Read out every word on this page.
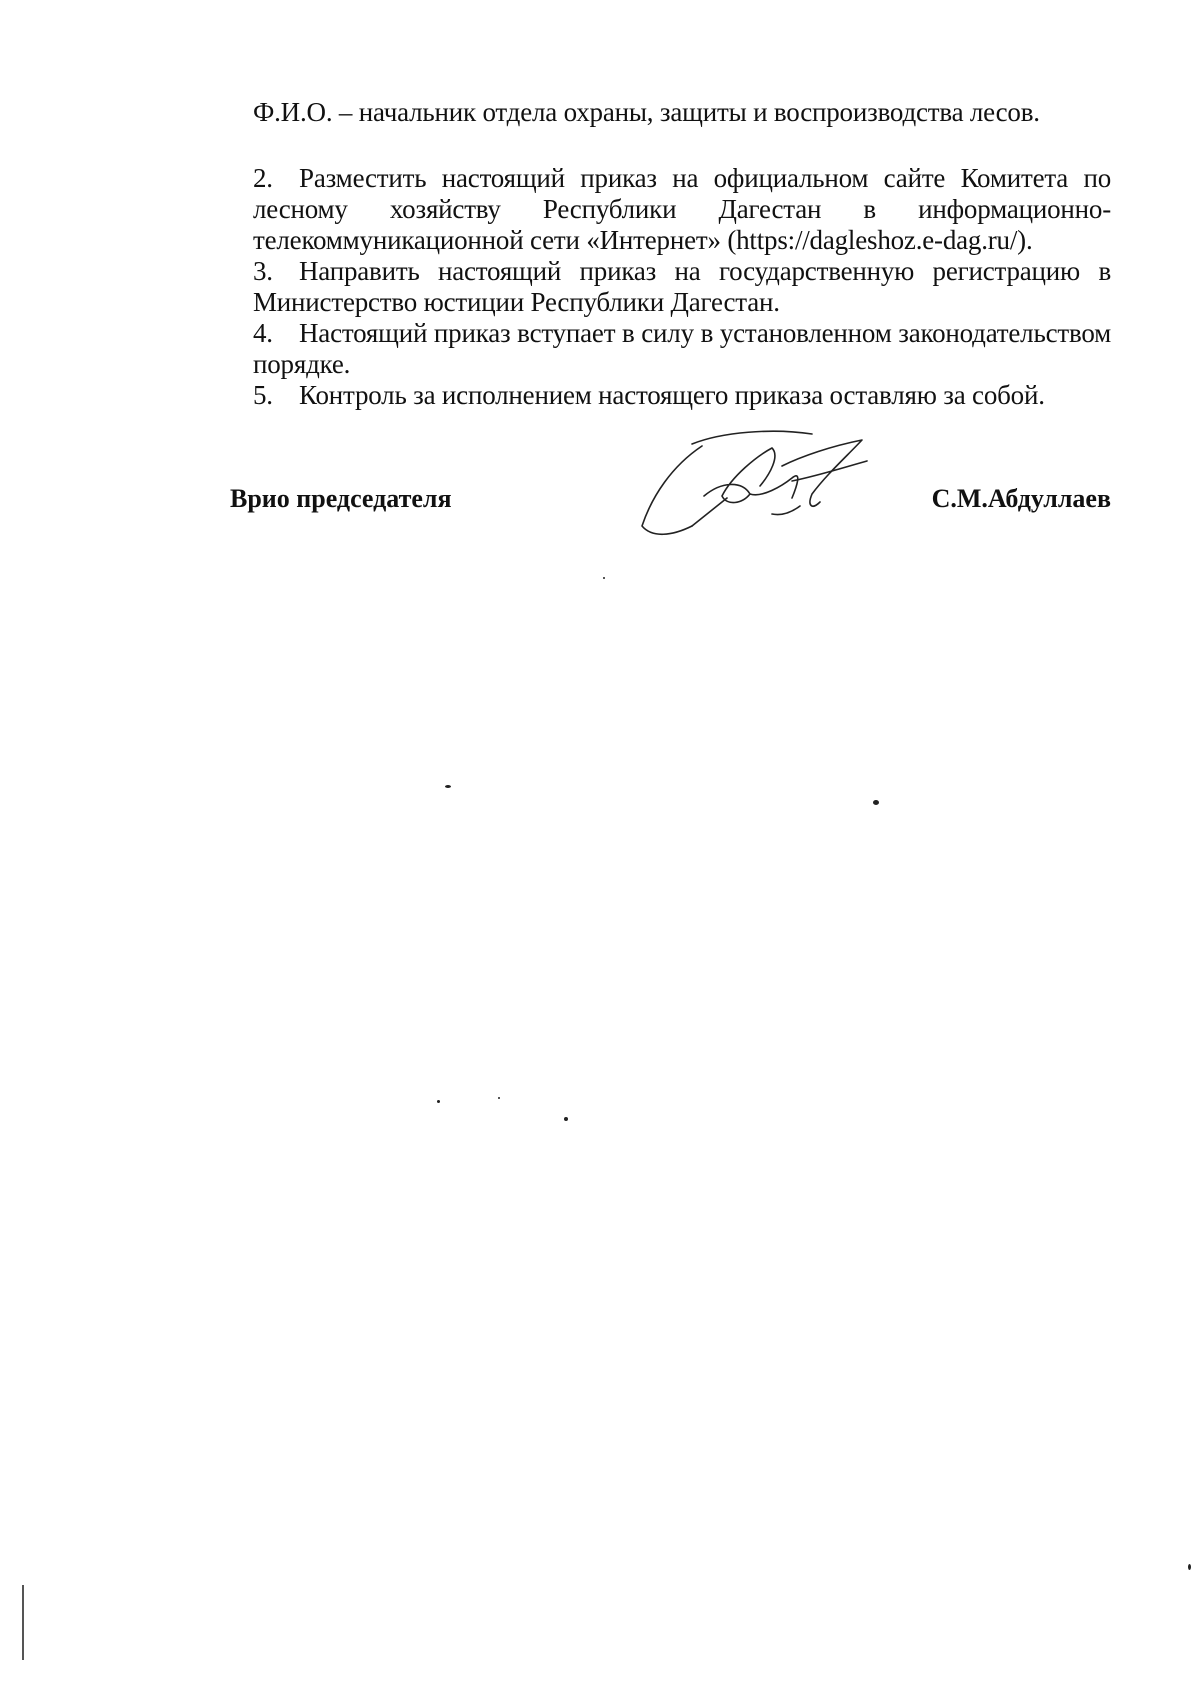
Ф.И.О. – начальник отдела охраны, защиты и воспроизводства лесов.

2. Разместить настоящий приказ на официальном сайте Комитета по лесному хозяйству Республики Дагестан в информационно-телекоммуникационной сети «Интернет» (https://dagleshoz.e-dag.ru/).

3. Направить настоящий приказ на государственную регистрацию в Министерство юстиции Республики Дагестан.

4. Настоящий приказ вступает в силу в установленном законодательством порядке.

5. Контроль за исполнением настоящего приказа оставляю за собой.

Врио председателя	С.М.Абдуллаев
